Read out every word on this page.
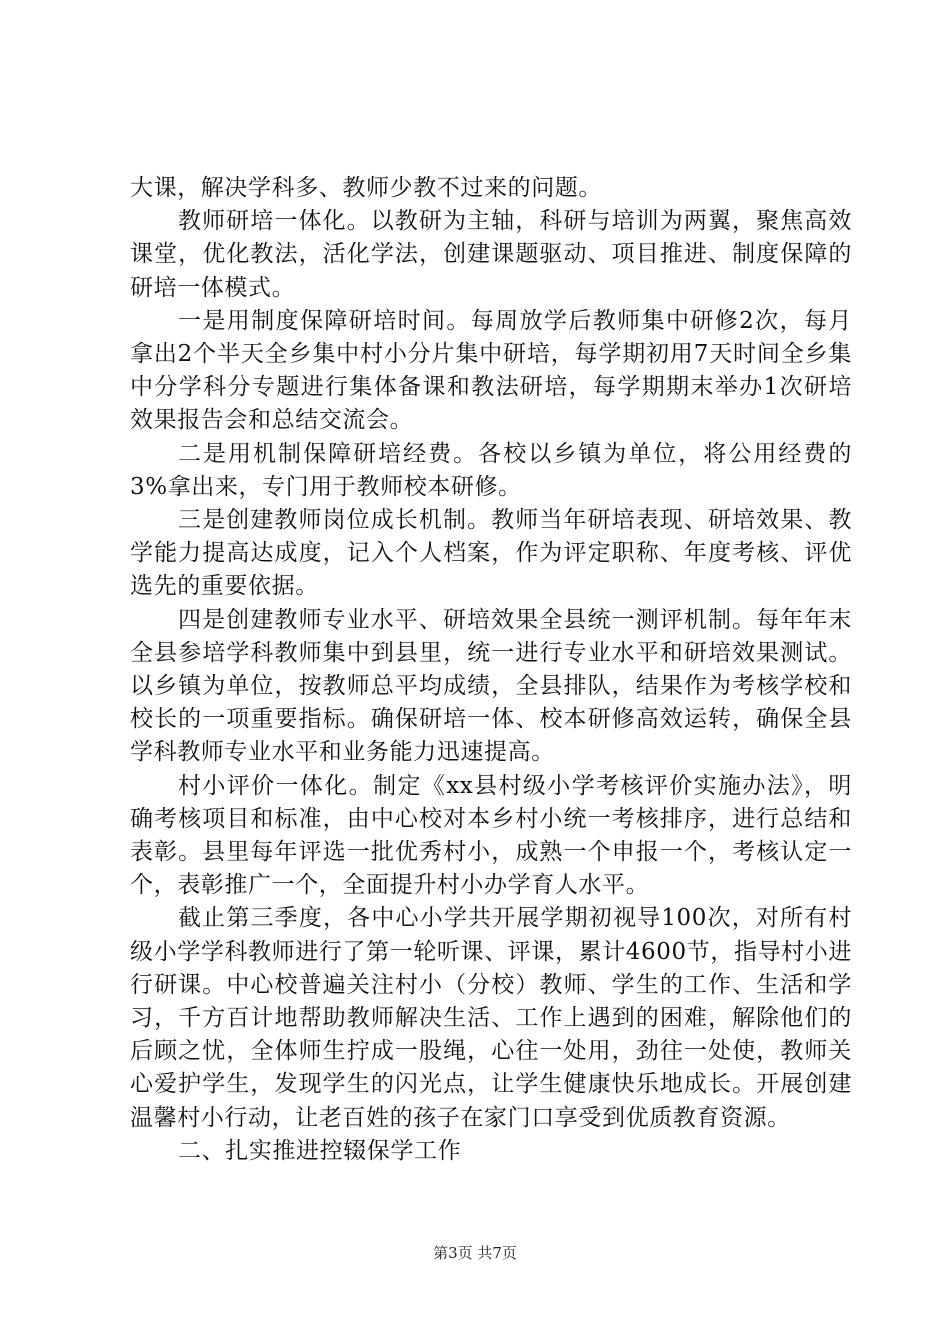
大课，解决学科多、教师少教不过来的问题。

教师研培一体化。以教研为主轴，科研与培训为两翼，聚焦高效课堂，优化教法，活化学法，创建课题驱动、项目推进、制度保障的研培一体模式。

一是用制度保障研培时间。每周放学后教师集中研修2次，每月拿出2个半天全乡集中村小分片集中研培，每学期初用7天时间全乡集中分学科分专题进行集体备课和教法研培，每学期期末举办1次研培效果报告会和总结交流会。

二是用机制保障研培经费。各校以乡镇为单位，将公用经费的3%拿出来，专门用于教师校本研修。

三是创建教师岗位成长机制。教师当年研培表现、研培效果、教学能力提高达成度，记入个人档案，作为评定职称、年度考核、评优选先的重要依据。

四是创建教师专业水平、研培效果全县统一测评机制。每年年末全县参培学科教师集中到县里，统一进行专业水平和研培效果测试。以乡镇为单位，按教师总平均成绩，全县排队，结果作为考核学校和校长的一项重要指标。确保研培一体、校本研修高效运转，确保全县学科教师专业水平和业务能力迅速提高。

村小评价一体化。制定《xx县村级小学考核评价实施办法》，明确考核项目和标准，由中心校对本乡村小统一考核排序，进行总结和表彰。县里每年评选一批优秀村小，成熟一个申报一个，考核认定一个，表彰推广一个，全面提升村小办学育人水平。

截止第三季度，各中心小学共开展学期初视导100次，对所有村级小学学科教师进行了第一轮听课、评课，累计4600节，指导村小进行研课。中心校普遍关注村小（分校）教师、学生的工作、生活和学习，千方百计地帮助教师解决生活、工作上遇到的困难，解除他们的后顾之忧，全体师生拧成一股绳，心往一处用，劲往一处使，教师关心爱护学生，发现学生的闪光点，让学生健康快乐地成长。开展创建温馨村小行动，让老百姓的孩子在家门口享受到优质教育资源。

二、扎实推进控辍保学工作

第3页 共7页
